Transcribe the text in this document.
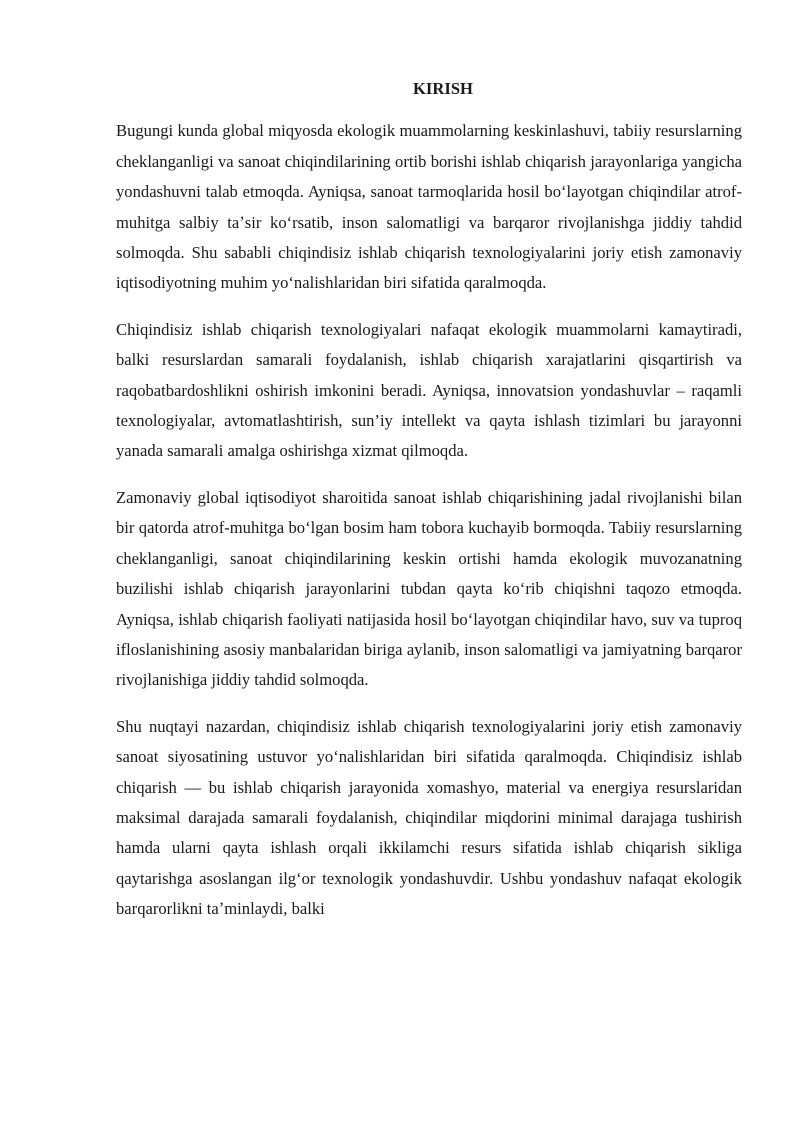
KIRISH

Bugungi kunda global miqyosda ekologik muammolarning keskinlashuvi, tabiiy resurslarning cheklanganligi va sanoat chiqindilarining ortib borishi ishlab chiqarish jarayonlariga yangicha yondashuvni talab etmoqda. Ayniqsa, sanoat tarmoqlarida hosil boʻlayotgan chiqindilar atrof-muhitga salbiy taʼsir koʻrsatib, inson salomatligi va barqaror rivojlanishga jiddiy tahdid solmoqda. Shu sababli chiqindisiz ishlab chiqarish texnologiyalarini joriy etish zamonaviy iqtisodiyotning muhim yoʻnalishlaridan biri sifatida qaralmoqda.

Chiqindisiz ishlab chiqarish texnologiyalari nafaqat ekologik muammolarni kamaytiradi, balki resurslardan samarali foydalanish, ishlab chiqarish xarajatlarini qisqartirish va raqobatbardoshlikni oshirish imkonini beradi. Ayniqsa, innovatsion yondashuvlar – raqamli texnologiyalar, avtomatlashtirish, sun’iy intellekt va qayta ishlash tizimlari bu jarayonni yanada samarali amalga oshirishga xizmat qilmoqda.

Zamonaviy global iqtisodiyot sharoitida sanoat ishlab chiqarishining jadal rivojlanishi bilan bir qatorda atrof-muhitga boʻlgan bosim ham tobora kuchayib bormoqda. Tabiiy resurslarning cheklanganligi, sanoat chiqindilarining keskin ortishi hamda ekologik muvozanatning buzilishi ishlab chiqarish jarayonlarini tubdan qayta koʻrib chiqishni taqozo etmoqda. Ayniqsa, ishlab chiqarish faoliyati natijasida hosil boʻlayotgan chiqindilar havo, suv va tuproq ifloslanishining asosiy manbalaridan biriga aylanib, inson salomatligi va jamiyatning barqaror rivojlanishiga jiddiy tahdid solmoqda.

Shu nuqtayi nazardan, chiqindisiz ishlab chiqarish texnologiyalarini joriy etish zamonaviy sanoat siyosatining ustuvor yoʻnalishlaridan biri sifatida qaralmoqda. Chiqindisiz ishlab chiqarish — bu ishlab chiqarish jarayonida xomashyo, material va energiya resurslaridan maksimal darajada samarali foydalanish, chiqindilar miqdorini minimal darajaga tushirish hamda ularni qayta ishlash orqali ikkilamchi resurs sifatida ishlab chiqarish sikliga qaytarishga asoslangan ilgʻor texnologik yondashuvdir. Ushbu yondashuv nafaqat ekologik barqarorlikni taʼminlaydi, balki
